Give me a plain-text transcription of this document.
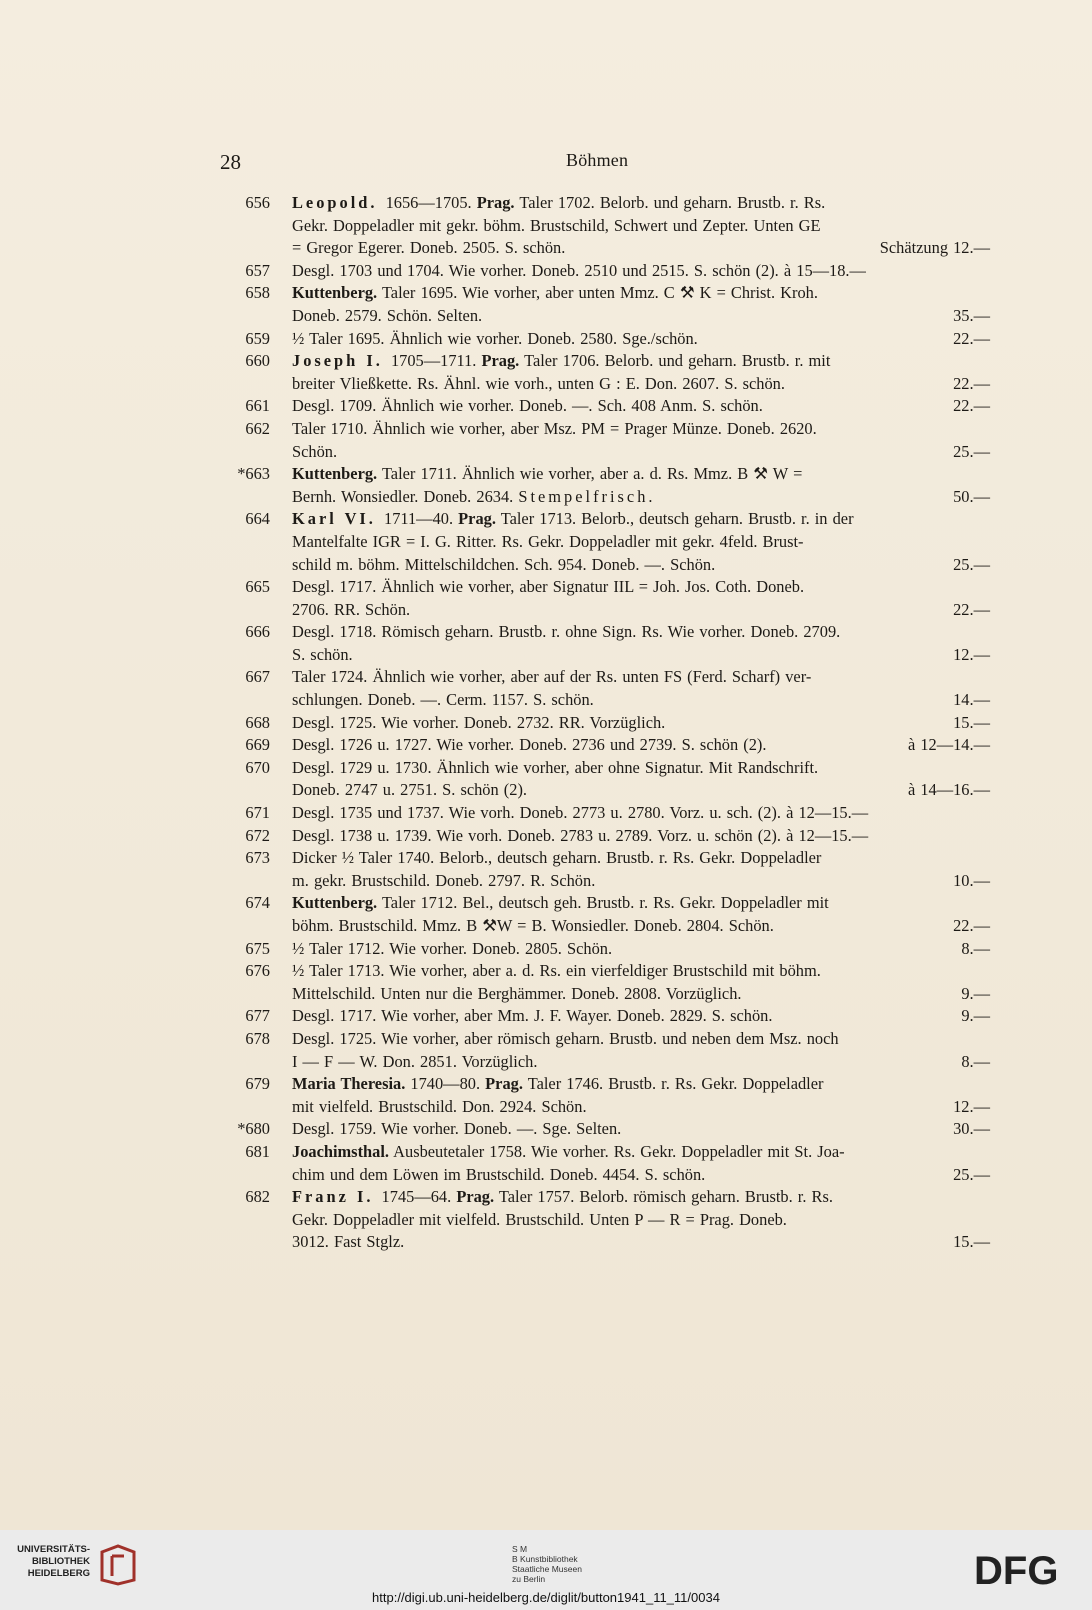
28	Böhmen
656 Leopold. 1656—1705. Prag. Taler 1702. Belorb. und geharn. Brustb. r. Rs.
Gekr. Doppeladler mit gekr. böhm. Brustschild, Schwert und Zepter. Unten GE
= Gregor Egerer. Doneb. 2505. S. schön.	Schätzung 12.—
657 Desgl. 1703 und 1704. Wie vorher. Doneb. 2510 und 2515. S. schön (2). à 15—18.—
658 Kuttenberg. Taler 1695. Wie vorher, aber unten Mmz. C ⚒ K = Christ. Kroh.
Doneb. 2579. Schön. Selten.	35.—
659 ½ Taler 1695. Ähnlich wie vorher. Doneb. 2580. Sge./schön.	22.—
660 Joseph I. 1705—1711. Prag. Taler 1706. Belorb. und geharn. Brustb. r. mit
breiter Vließkette. Rs. Ähnl. wie vorh., unten G : E. Don. 2607. S. schön.	22.—
661 Desgl. 1709. Ähnlich wie vorher. Doneb. —. Sch. 408 Anm. S. schön.	22.—
662 Taler 1710. Ähnlich wie vorher, aber Msz. PM = Prager Münze. Doneb. 2620.
Schön.	25.—
*663 Kuttenberg. Taler 1711. Ähnlich wie vorher, aber a. d. Rs. Mmz. B ⚒ W =
Bernh. Wonsiedler. Doneb. 2634. Stempelfrisch.	50.—
664 Karl VI. 1711—40. Prag. Taler 1713. Belorb., deutsch geharn. Brustb. r. in der
Mantelfalte IGR = I. G. Ritter. Rs. Gekr. Doppeladler mit gekr. 4feld. Brust-
schild m. böhm. Mittelschildchen. Sch. 954. Doneb. —. Schön.	25.—
665 Desgl. 1717. Ähnlich wie vorher, aber Signatur IIL = Joh. Jos. Coth. Doneb.
2706. RR. Schön.	22.—
666 Desgl. 1718. Römisch geharn. Brustb. r. ohne Sign. Rs. Wie vorher. Doneb. 2709.
S. schön.	12.—
667 Taler 1724. Ähnlich wie vorher, aber auf der Rs. unten FS (Ferd. Scharf) ver-
schlungen. Doneb. —. Cerm. 1157. S. schön.	14.—
668 Desgl. 1725. Wie vorher. Doneb. 2732. RR. Vorzüglich.	15.—
669 Desgl. 1726 u. 1727. Wie vorher. Doneb. 2736 und 2739. S. schön (2).	à 12—14.—
670 Desgl. 1729 u. 1730. Ähnlich wie vorher, aber ohne Signatur. Mit Randschrift.
Doneb. 2747 u. 2751. S. schön (2).	à 14—16.—
671 Desgl. 1735 und 1737. Wie vorh. Doneb. 2773 u. 2780. Vorz. u. sch. (2). à 12—15.—
672 Desgl. 1738 u. 1739. Wie vorh. Doneb. 2783 u. 2789. Vorz. u. schön (2). à 12—15.—
673 Dicker ½ Taler 1740. Belorb., deutsch geharn. Brustb. r. Rs. Gekr. Doppeladler
m. gekr. Brustschild. Doneb. 2797. R. Schön.	10.—
674 Kuttenberg. Taler 1712. Bel., deutsch geh. Brustb. r. Rs. Gekr. Doppeladler mit
böhm. Brustschild. Mmz. B ⚒W = B. Wonsiedler. Doneb. 2804. Schön.	22.—
675 ½ Taler 1712. Wie vorher. Doneb. 2805. Schön.	8.—
676 ½ Taler 1713. Wie vorher, aber a. d. Rs. ein vierfeldiger Brustschild mit böhm.
Mittelschild. Unten nur die Berghämmer. Doneb. 2808. Vorzüglich.	9.—
677 Desgl. 1717. Wie vorher, aber Mm. J. F. Wayer. Doneb. 2829. S. schön.	9.—
678 Desgl. 1725. Wie vorher, aber römisch geharn. Brustb. und neben dem Msz. noch
I — F — W. Don. 2851. Vorzüglich.	8.—
679 Maria Theresia. 1740—80. Prag. Taler 1746. Brustb. r. Rs. Gekr. Doppeladler
mit vielfeld. Brustschild. Don. 2924. Schön.	12.—
*680 Desgl. 1759. Wie vorher. Doneb. —. Sge. Selten.	30.—
681 Joachimsthal. Ausbeutetaler 1758. Wie vorher. Rs. Gekr. Doppeladler mit St. Joa-
chim und dem Löwen im Brustschild. Doneb. 4454. S. schön.	25.—
682 Franz I. 1745—64. Prag. Taler 1757. Belorb. römisch geharn. Brustb. r. Rs.
Gekr. Doppeladler mit vielfeld. Brustschild. Unten P — R = Prag. Doneb.
3012. Fast Stglz.	15.—
UNIVERSITÄTS-
BIBLIOTHEK
HEIDELBERG
S M
B Kunstbibliothek
Staatliche Museen
zu Berlin	DFG
http://digi.ub.uni-heidelberg.de/diglit/button1941_11_11/0034
